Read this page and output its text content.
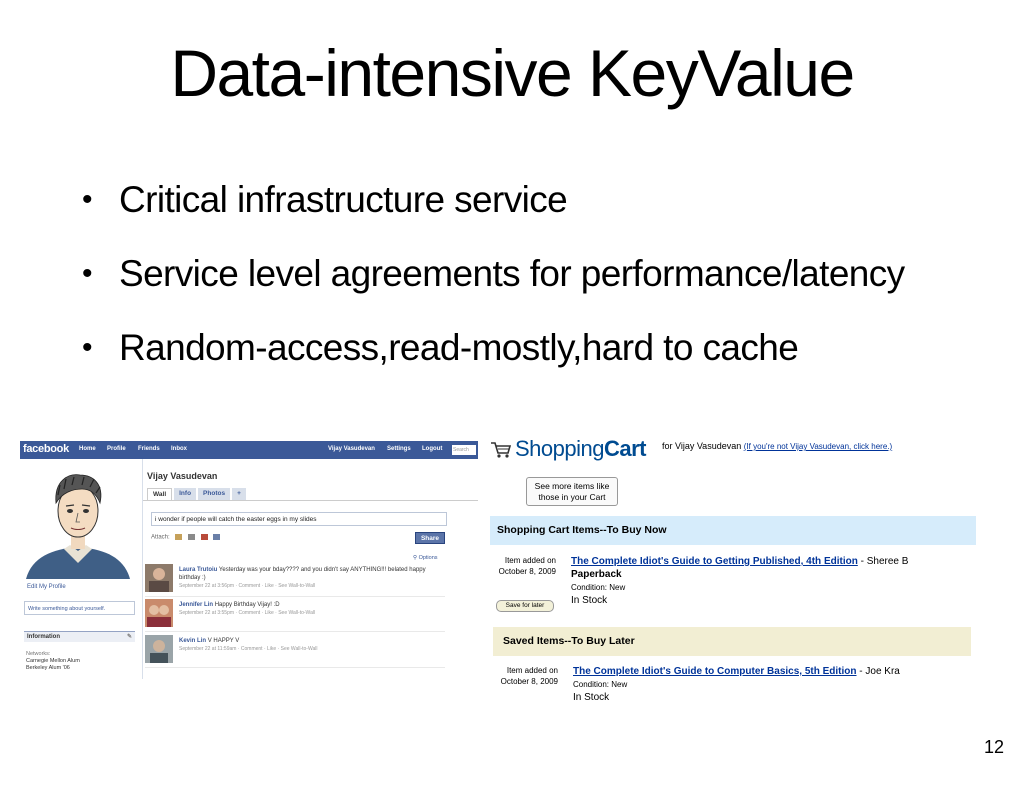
Data-intensive KeyValue
• Critical infrastructure service
• Service level agreements for performance/latency
• Random-access,read-mostly,hard to cache
facebook Home Profile Friends Inbox	Vijay Vasudevan Settings Logout Search
Edit My Profile
Write something about yourself.
Information	✎
Networks:
Carnegie Mellon Alum
Berkeley Alum '06
Vijay Vasudevan
Wall Info Photos +
i wonder if people will catch the easter eggs in my slides
Attach:	Share
⚲ Options
Laura Trutoiu Yesterday was your bday???? and you didn't say ANYTHING!!! belated happy birthday :)
September 22 at 3:56pm · Comment · Like · See Wall-to-Wall
Jennifer Lin Happy Birthday Vijay! :D
September 22 at 3:55pm · Comment · Like · See Wall-to-Wall
Kevin Lin V HAPPY V
September 22 at 11:59am · Comment · Like · See Wall-to-Wall
ShoppingCart for Vijay Vasudevan (If you're not Vijay Vasudevan, click here.)
See more items like those in your Cart
Shopping Cart Items--To Buy Now
Item added on October 8, 2009
The Complete Idiot's Guide to Getting Published, 4th Edition - Sheree B
Paperback
Condition: New
In Stock
Save for later
Saved Items--To Buy Later
Item added on October 8, 2009
The Complete Idiot's Guide to Computer Basics, 5th Edition - Joe Kra
Condition: New
In Stock
12
